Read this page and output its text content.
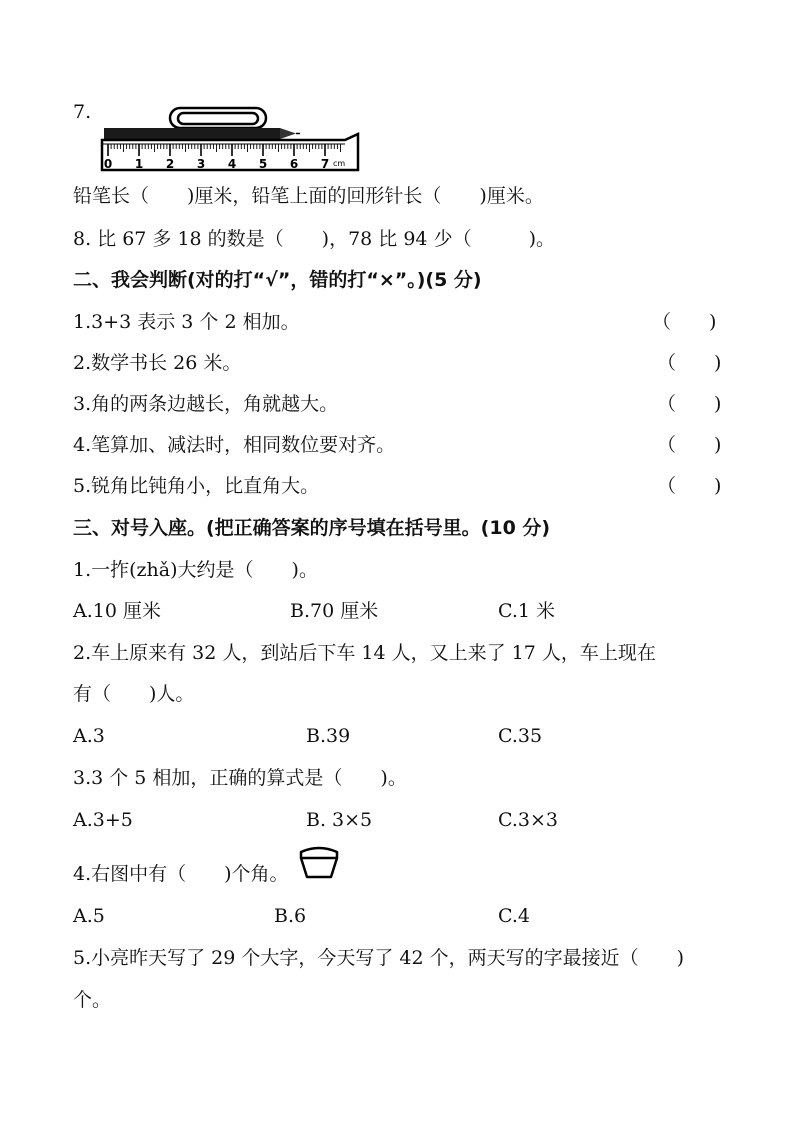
7.
0 1 2 3 4 5 6 7 cm
铅笔长（　　)厘米，铅笔上面的回形针长（　　)厘米。
8. 比 67 多 18 的数是（　　)，78 比 94 少（　　　)。
二、我会判断(对的打“√”，错的打“×”。)(5 分)
1.3+3 表示 3 个 2 相加。	（　　)
2.数学书长 26 米。	（　　)
3.角的两条边越长，角就越大。	（　　)
4.笔算加、减法时，相同数位要对齐。	（　　)
5.锐角比钝角小，比直角大。	（　　)
三、对号入座。(把正确答案的序号填在括号里。(10 分)
1.一拃(zhǎ)大约是（　　)。
A.10 厘米	B.70 厘米	C.1 米
2.车上原来有 32 人，到站后下车 14 人，又上来了 17 人，车上现在
有（　　)人。
A.3	B.39	C.35
3.3 个 5 相加，正确的算式是（　　)。
A.3+5	B. 3×5	C.3×3
4.右图中有（　　)个角。
A.5	B.6	C.4
5.小亮昨天写了 29 个大字，今天写了 42 个，两天写的字最接近（　　)
个。
